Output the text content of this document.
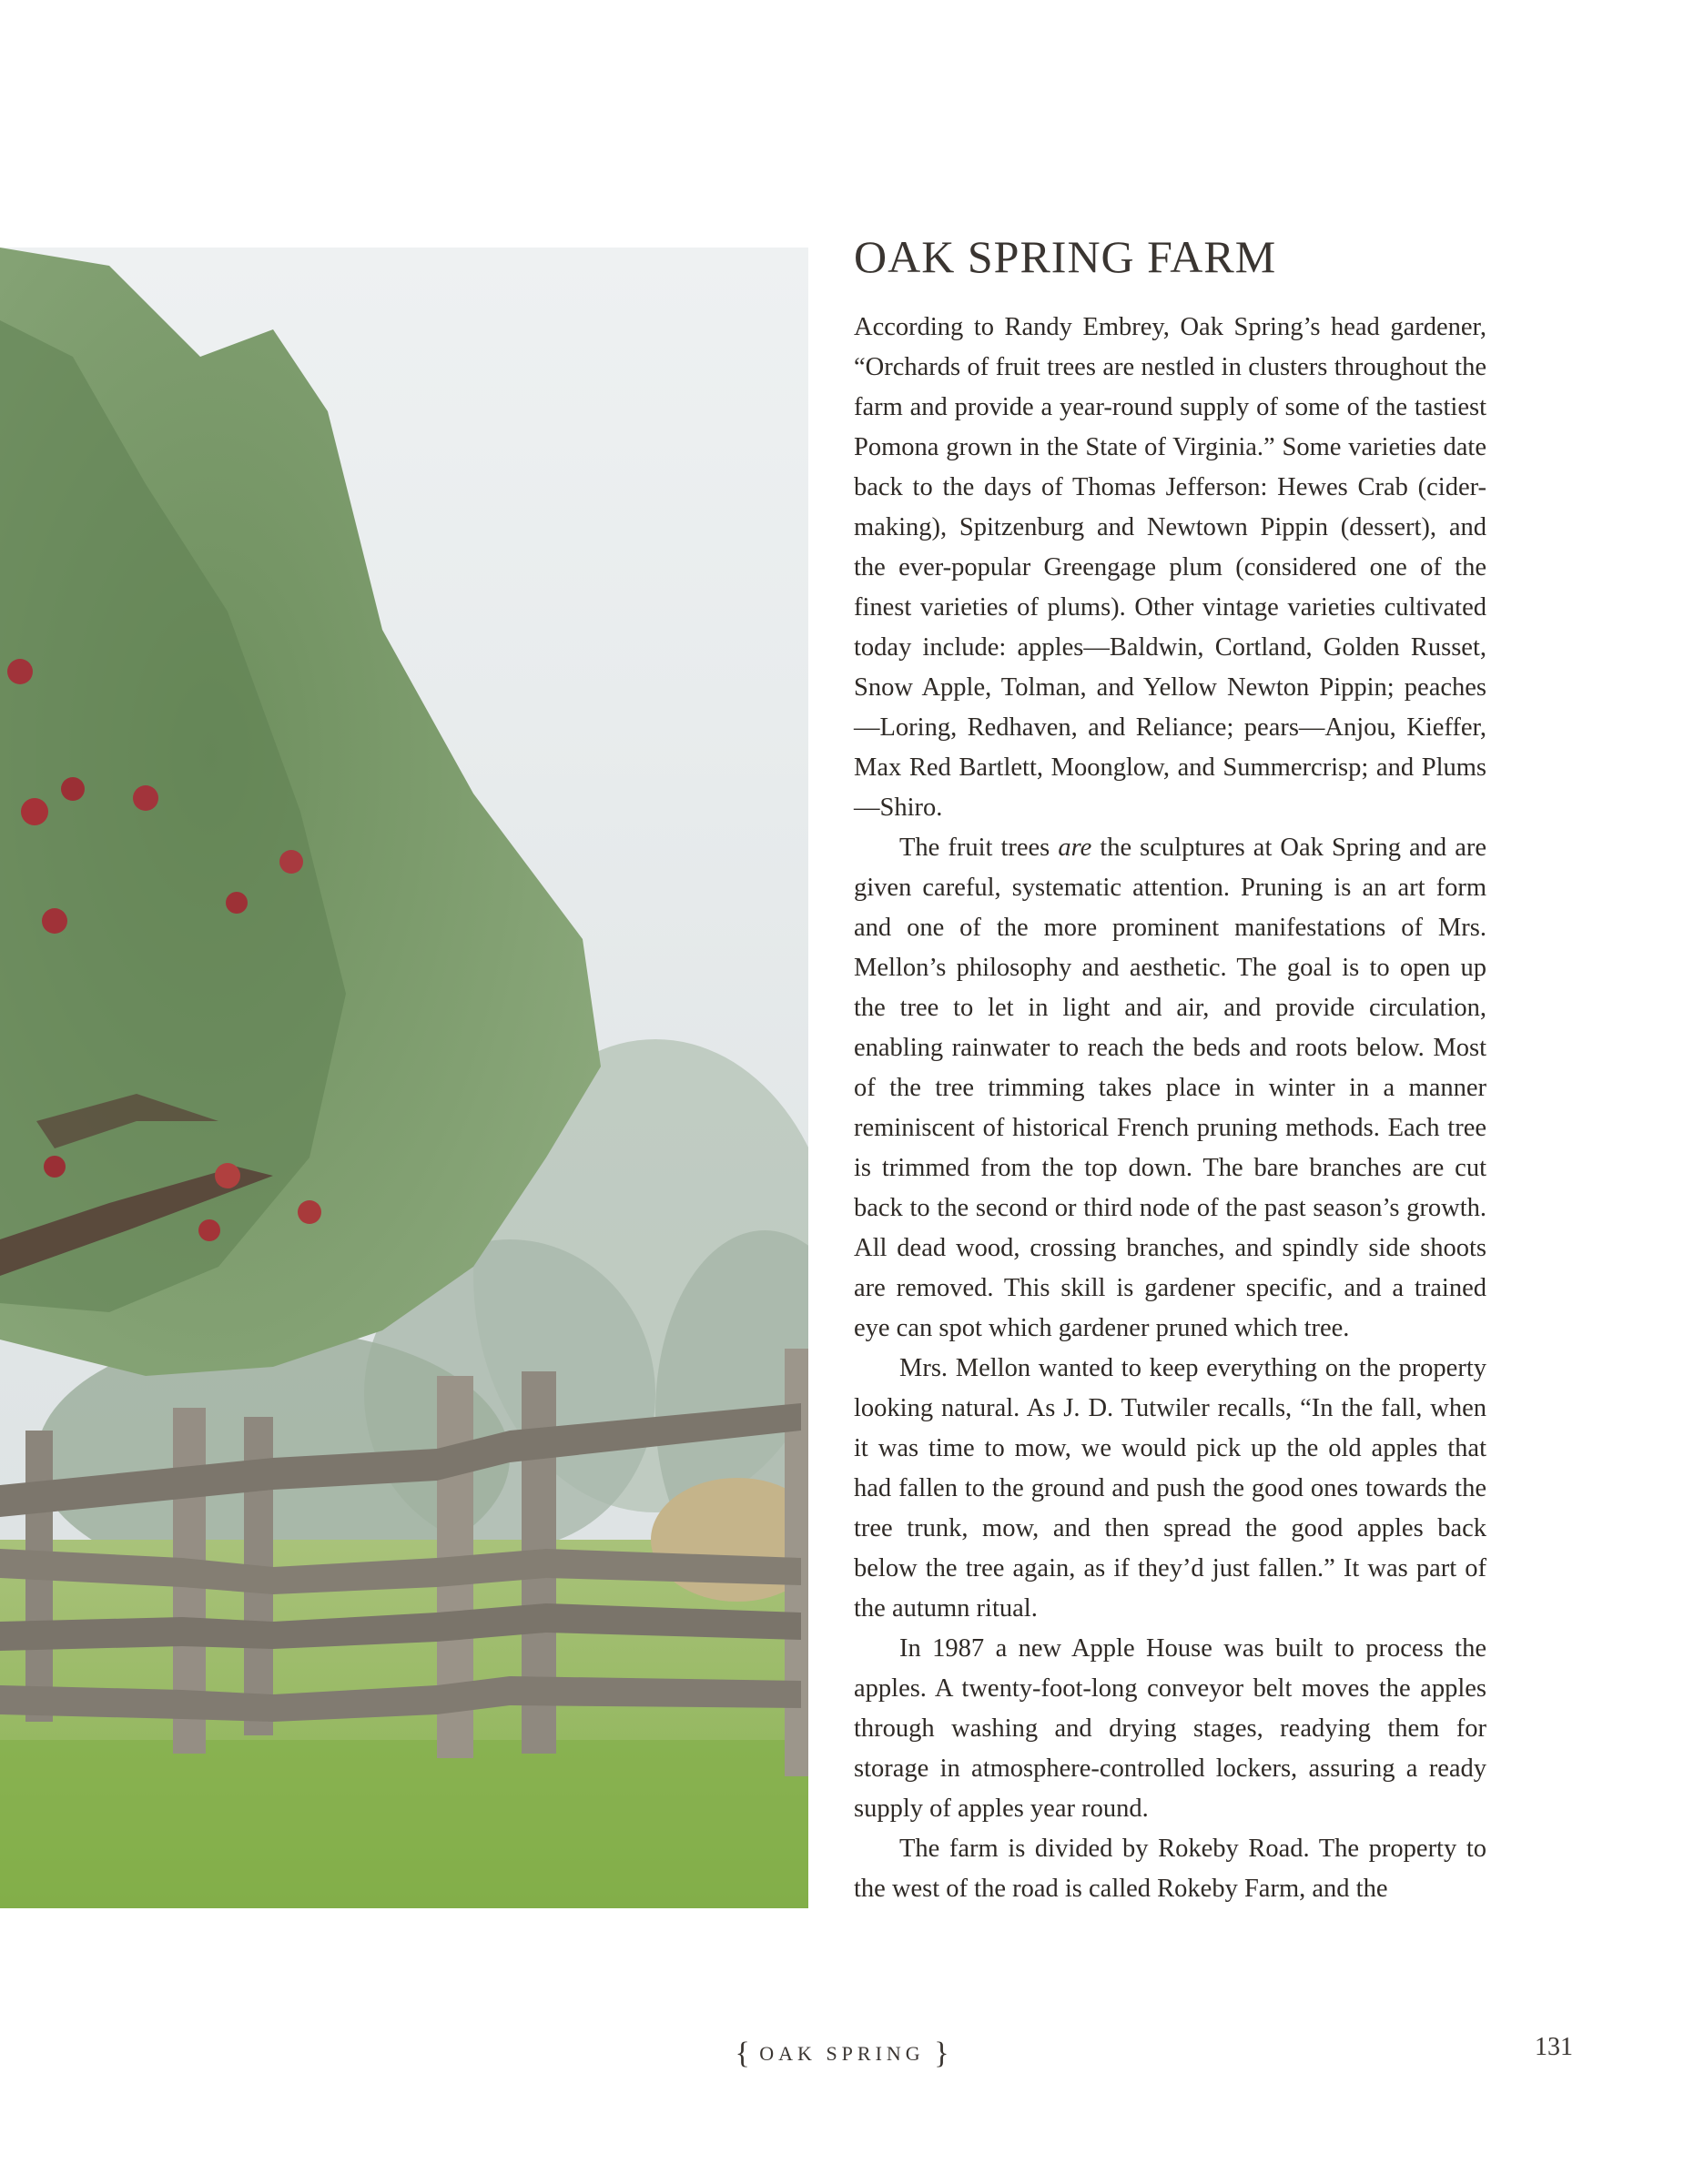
OAK SPRING FARM

According to Randy Embrey, Oak Spring’s head gardener, “Orchards of fruit trees are nestled in clusters throughout the farm and provide a year-round supply of some of the tastiest Pomona grown in the State of Virginia.” Some varieties date back to the days of Thomas Jefferson: Hewes Crab (cider-making), Spitzenburg and Newtown Pippin (dessert), and the ever-popular Greengage plum (considered one of the finest varieties of plums). Other vintage varieties cultivated today include: apples—Baldwin, Cortland, Golden Russet, Snow Apple, Tolman, and Yellow Newton Pippin; peaches—Loring, Redhaven, and Reliance; pears—Anjou, Kieffer, Max Red Bartlett, Moonglow, and Summercrisp; and Plums—Shiro.

The fruit trees are the sculptures at Oak Spring and are given careful, systematic attention. Pruning is an art form and one of the more prominent manifestations of Mrs. Mellon’s philosophy and aesthetic. The goal is to open up the tree to let in light and air, and provide circulation, enabling rainwater to reach the beds and roots below. Most of the tree trimming takes place in winter in a manner reminiscent of historical French pruning methods. Each tree is trimmed from the top down. The bare branches are cut back to the second or third node of the past season’s growth. All dead wood, crossing branches, and spindly side shoots are removed. This skill is gardener specific, and a trained eye can spot which gardener pruned which tree.

Mrs. Mellon wanted to keep everything on the property looking natural. As J. D. Tutwiler recalls, “In the fall, when it was time to mow, we would pick up the old apples that had fallen to the ground and push the good ones towards the tree trunk, mow, and then spread the good apples back below the tree again, as if they’d just fallen.” It was part of the autumn ritual.

In 1987 a new Apple House was built to process the apples. A twenty-foot-long conveyor belt moves the apples through washing and drying stages, readying them for storage in atmosphere-controlled lockers, assuring a ready supply of apples year round.

The farm is divided by Rokeby Road. The property to the west of the road is called Rokeby Farm, and the

{ OAK SPRING }	131
